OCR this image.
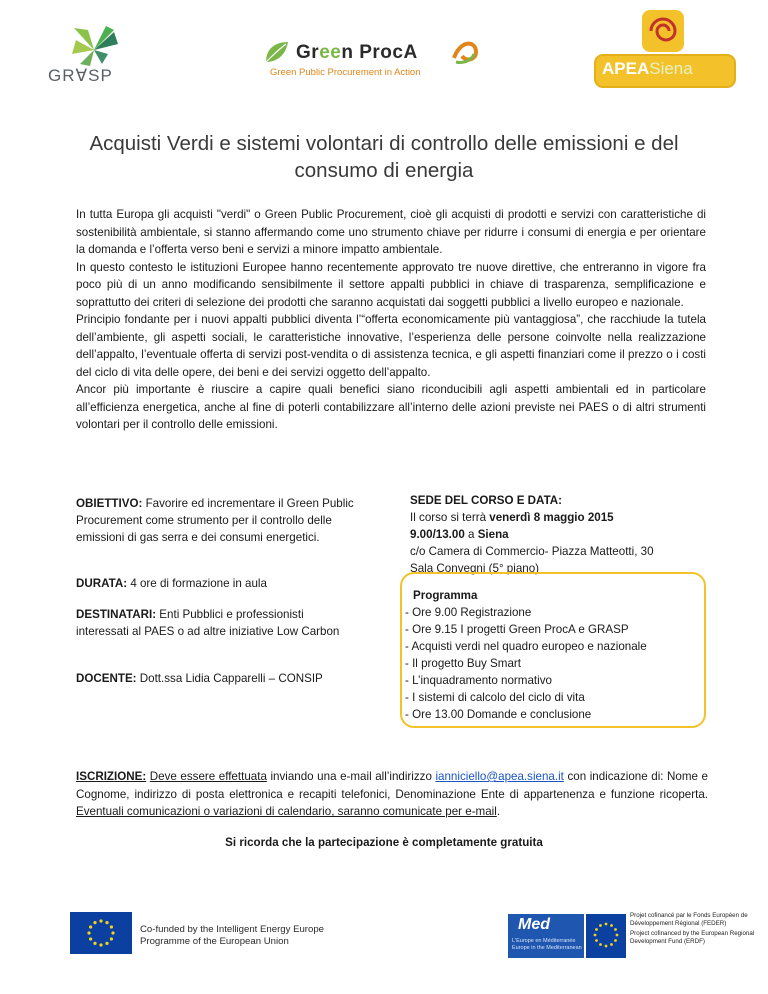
GR∀SP
Green ProcA
Green Public Procurement in Action	APEASiena
Acquisti Verdi e sistemi volontari di controllo delle emissioni e del consumo di energia

In tutta Europa gli acquisti "verdi" o Green Public Procurement, cioè gli acquisti di prodotti e servizi con caratteristiche di sostenibilità ambientale, si stanno affermando come uno strumento chiave per ridurre i consumi di energia e per orientare la domanda e l’offerta verso beni e servizi a minore impatto ambientale.

In questo contesto le istituzioni Europee hanno recentemente approvato tre nuove direttive, che entreranno in vigore fra poco più di un anno modificando sensibilmente il settore appalti pubblici in chiave di trasparenza, semplificazione e soprattutto dei criteri di selezione dei prodotti che saranno acquistati dai soggetti pubblici a livello europeo e nazionale.

Principio fondante per i nuovi appalti pubblici diventa l’“offerta economicamente più vantaggiosa”, che racchiude la tutela dell’ambiente, gli aspetti sociali, le caratteristiche innovative, l’esperienza delle persone coinvolte nella realizzazione dell’appalto, l’eventuale offerta di servizi post-vendita o di assistenza tecnica, e gli aspetti finanziari come il prezzo o i costi del ciclo di vita delle opere, dei beni e dei servizi oggetto dell’appalto.

Ancor più importante è riuscire a capire quali benefici siano riconducibili agli aspetti ambientali ed in particolare all’efficienza energetica, anche al fine di poterli contabilizzare all’interno delle azioni previste nei PAES o di altri strumenti volontari per il controllo delle emissioni.

OBIETTIVO: Favorire ed incrementare il Green Public Procurement come strumento per il controllo delle emissioni di gas serra e dei consumi energetici.
DURATA: 4 ore di formazione in aula
DESTINATARI: Enti Pubblici e professionisti interessati al PAES o ad altre iniziative Low Carbon
DOCENTE: Dott.ssa Lidia Capparelli – CONSIP
SEDE DEL CORSO E DATA:
Il corso si terrà venerdì 8 maggio 2015
9.00/13.00 a Siena
c/o Camera di Commercio- Piazza Matteotti, 30
Sala Convegni (5° piano)
Programma
- Ore 9.00 Registrazione
- Ore 9.15 I progetti Green ProcA e GRASP
- Acquisti verdi nel quadro europeo e nazionale
- Il progetto Buy Smart
- L’inquadramento normativo
- I sistemi di calcolo del ciclo di vita
- Ore 13.00 Domande e conclusione
ISCRIZIONE: Deve essere effettuata inviando una e-mail all’indirizzo ianniciello@apea.siena.it con indicazione di: Nome e Cognome, indirizzo di posta elettronica e recapiti telefonici, Denominazione Ente di appartenenza e funzione ricoperta. Eventuali comunicazioni o variazioni di calendario, saranno comunicate per e-mail.
Si ricorda che la partecipazione è completamente gratuita
Co-funded by the Intelligent Energy Europe
Programme of the European Union
Med
L'Europe en Méditerranée Europe in the Mediterranean
Projet cofinancé par le Fonds Européen de Développement Régional (FEDER)
Project cofinanced by the European Regional Development Fund (ERDF)
